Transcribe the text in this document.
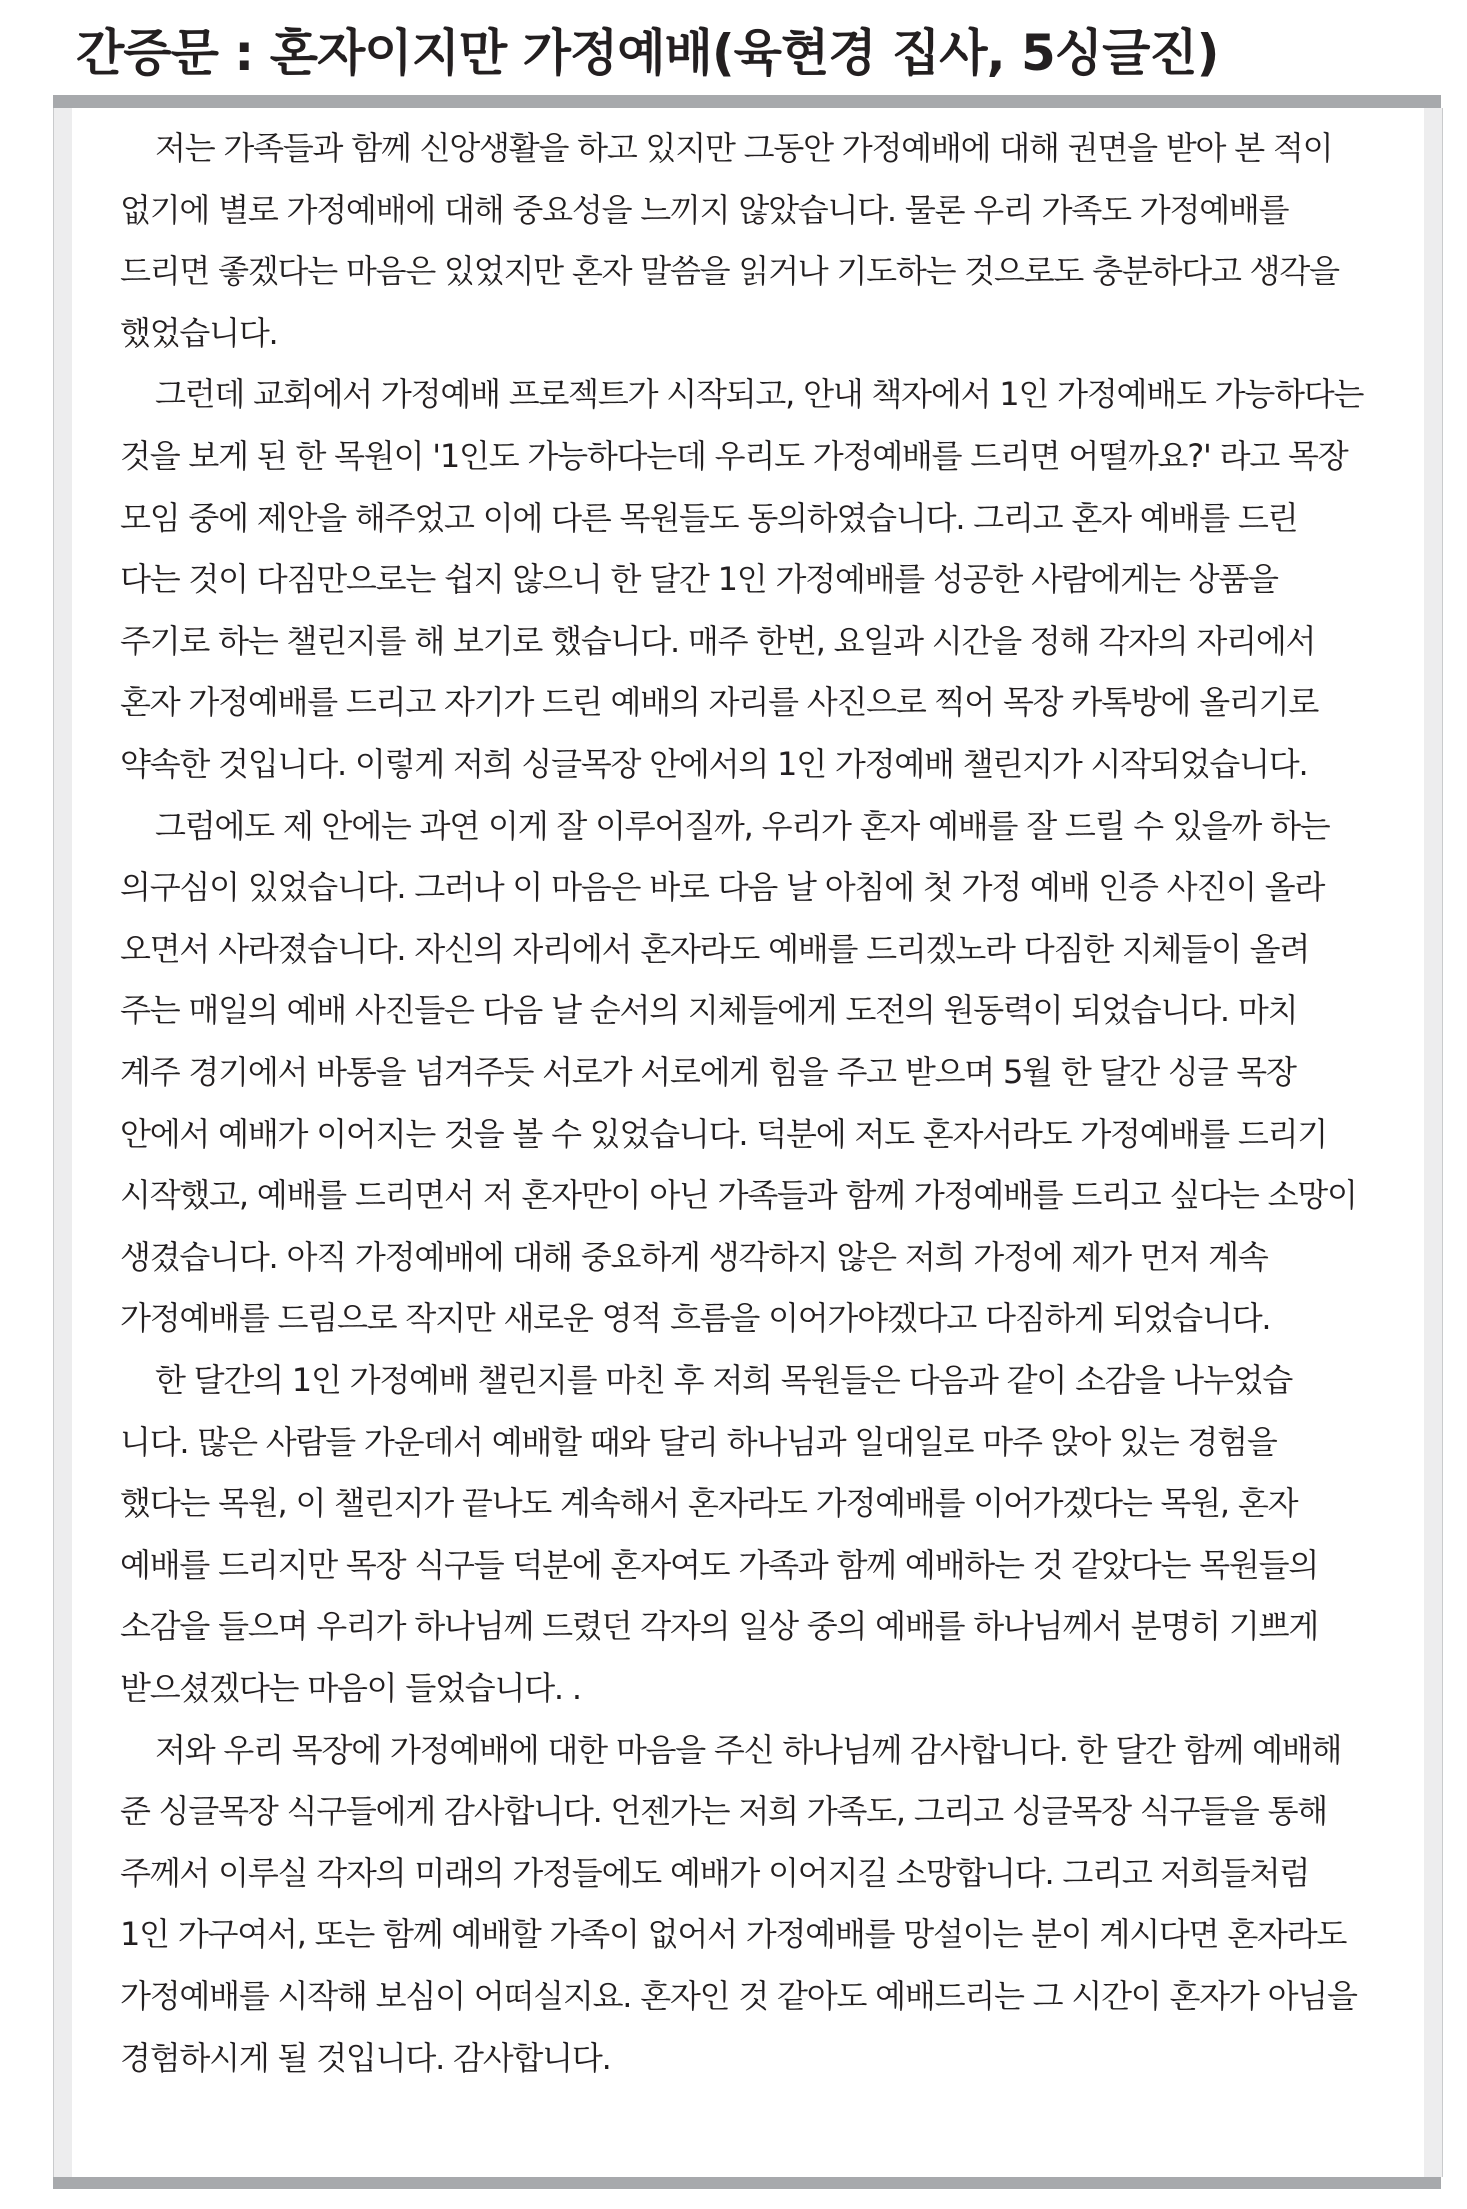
간증문 : 혼자이지만 가정예배(육현경 집사, 5싱글진)
저는 가족들과 함께 신앙생활을 하고 있지만 그동안 가정예배에 대해 권면을 받아 본 적이
없기에 별로 가정예배에 대해 중요성을 느끼지 않았습니다. 물론 우리 가족도 가정예배를
드리면 좋겠다는 마음은 있었지만 혼자 말씀을 읽거나 기도하는 것으로도 충분하다고 생각을
했었습니다.
그런데 교회에서 가정예배 프로젝트가 시작되고, 안내 책자에서 1인 가정예배도 가능하다는
것을 보게 된 한 목원이 '1인도 가능하다는데 우리도 가정예배를 드리면 어떨까요?' 라고 목장
모임 중에 제안을 해주었고 이에 다른 목원들도 동의하였습니다. 그리고 혼자 예배를 드린
다는 것이 다짐만으로는 쉽지 않으니 한 달간 1인 가정예배를 성공한 사람에게는 상품을
주기로 하는 챌린지를 해 보기로 했습니다. 매주 한번, 요일과 시간을 정해 각자의 자리에서
혼자 가정예배를 드리고 자기가 드린 예배의 자리를 사진으로 찍어 목장 카톡방에 올리기로
약속한 것입니다. 이렇게 저희 싱글목장 안에서의 1인 가정예배 챌린지가 시작되었습니다.
그럼에도 제 안에는 과연 이게 잘 이루어질까, 우리가 혼자 예배를 잘 드릴 수 있을까 하는
의구심이 있었습니다. 그러나 이 마음은 바로 다음 날 아침에 첫 가정 예배 인증 사진이 올라
오면서 사라졌습니다. 자신의 자리에서 혼자라도 예배를 드리겠노라 다짐한 지체들이 올려
주는 매일의 예배 사진들은 다음 날 순서의 지체들에게 도전의 원동력이 되었습니다. 마치
계주 경기에서 바통을 넘겨주듯 서로가 서로에게 힘을 주고 받으며 5월 한 달간 싱글 목장
안에서 예배가 이어지는 것을 볼 수 있었습니다. 덕분에 저도 혼자서라도 가정예배를 드리기
시작했고, 예배를 드리면서 저 혼자만이 아닌 가족들과 함께 가정예배를 드리고 싶다는 소망이
생겼습니다. 아직 가정예배에 대해 중요하게 생각하지 않은 저희 가정에 제가 먼저 계속
가정예배를 드림으로 작지만 새로운 영적 흐름을 이어가야겠다고 다짐하게 되었습니다.
한 달간의 1인 가정예배 챌린지를 마친 후 저희 목원들은 다음과 같이 소감을 나누었습
니다. 많은 사람들 가운데서 예배할 때와 달리 하나님과 일대일로 마주 앉아 있는 경험을
했다는 목원, 이 챌린지가 끝나도 계속해서 혼자라도 가정예배를 이어가겠다는 목원, 혼자
예배를 드리지만 목장 식구들 덕분에 혼자여도 가족과 함께 예배하는 것 같았다는 목원들의
소감을 들으며 우리가 하나님께 드렸던 각자의 일상 중의 예배를 하나님께서 분명히 기쁘게
받으셨겠다는 마음이 들었습니다. .
저와 우리 목장에 가정예배에 대한 마음을 주신 하나님께 감사합니다. 한 달간 함께 예배해
준 싱글목장 식구들에게 감사합니다. 언젠가는 저희 가족도, 그리고 싱글목장 식구들을 통해
주께서 이루실 각자의 미래의 가정들에도 예배가 이어지길 소망합니다. 그리고 저희들처럼
1인 가구여서, 또는 함께 예배할 가족이 없어서 가정예배를 망설이는 분이 계시다면 혼자라도
가정예배를 시작해 보심이 어떠실지요. 혼자인 것 같아도 예배드리는 그 시간이 혼자가 아님을
경험하시게 될 것입니다. 감사합니다.
